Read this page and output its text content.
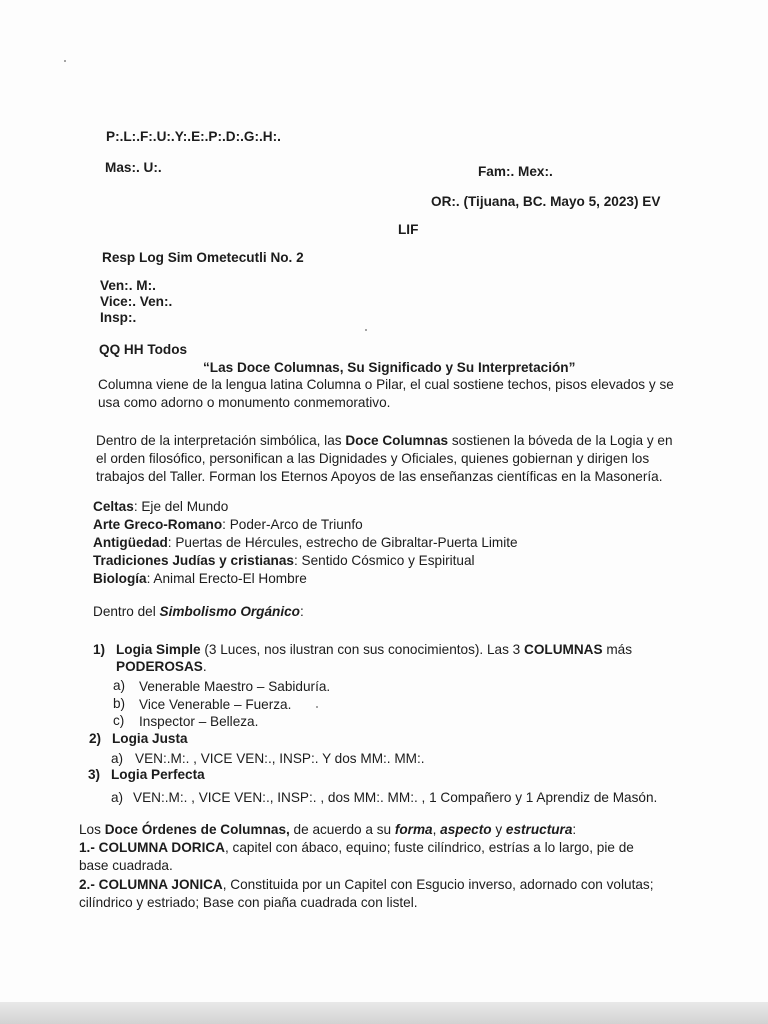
P:.L:.F:.U:.Y:.E:.P:.D:.G:.H:.
Mas:. U:.	Fam:. Mex:.
OR:. (Tijuana, BC. Mayo 5, 2023) EV
LIF
Resp Log Sim Ometecutli No. 2
Ven:. M:.
Vice:. Ven:.
Insp:.
QQ HH Todos
“Las Doce Columnas, Su Significado y Su Interpretación”
Columna viene de la lengua latina Columna o Pilar, el cual sostiene techos, pisos elevados y se
usa como adorno o monumento conmemorativo.
Dentro de la interpretación simbólica, las Doce Columnas sostienen la bóveda de la Logia y en
el orden filosófico, personifican a las Dignidades y Oficiales, quienes gobiernan y dirigen los
trabajos del Taller. Forman los Eternos Apoyos de las enseñanzas científicas en la Masonería.
Celtas: Eje del Mundo
Arte Greco-Romano: Poder-Arco de Triunfo
Antigüedad: Puertas de Hércules, estrecho de Gibraltar-Puerta Limite
Tradiciones Judías y cristianas: Sentido Cósmico y Espiritual
Biología: Animal Erecto-El Hombre
Dentro del Simbolismo Orgánico:
1) Logia Simple (3 Luces, nos ilustran con sus conocimientos). Las 3 COLUMNAS más
PODEROSAS.
a) Venerable Maestro – Sabiduría.
b) Vice Venerable – Fuerza.
c) Inspector – Belleza.
2) Logia Justa
a) VEN:.M:. , VICE VEN:., INSP:. Y dos MM:. MM:.
3) Logia Perfecta
a) VEN:.M:. , VICE VEN:., INSP:. , dos MM:. MM:. , 1 Compañero y 1 Aprendiz de Masón.
Los Doce Órdenes de Columnas, de acuerdo a su forma, aspecto y estructura:
1.- COLUMNA DORICA, capitel con ábaco, equino; fuste cilíndrico, estrías a lo largo, pie de
base cuadrada.
2.- COLUMNA JONICA, Constituida por un Capitel con Esgucio inverso, adornado con volutas;
cilíndrico y estriado; Base con piaña cuadrada con listel.
